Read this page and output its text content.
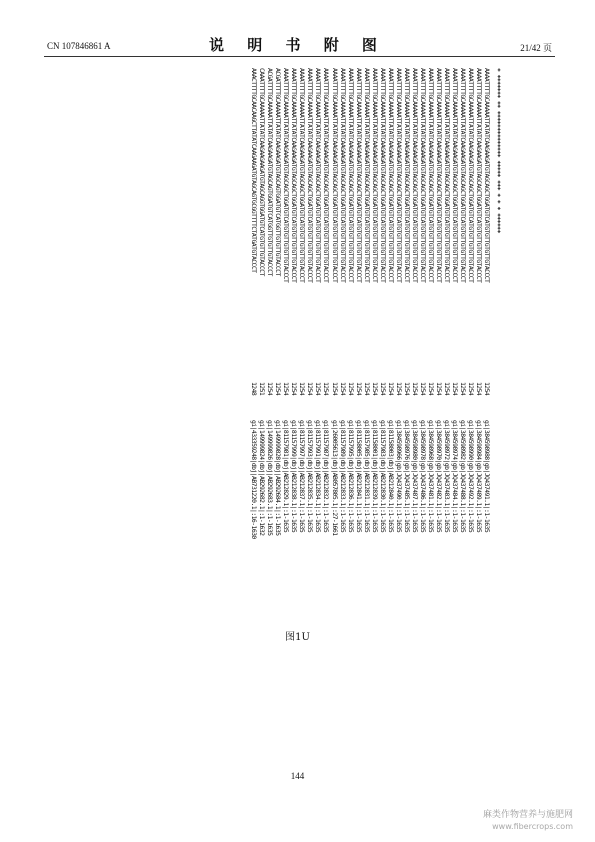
CN 107846861 A	说 明 书 附 图	21/42 页
AAACTTTTGCAACAAGCTTATATCAAGAAGATGTAGCAGTGCGGTTTTCTATGATGTACCCT
1248
gi|433359248|dbj|AB731220.1|:16-1630
CAAATTTTGCAAAAATTATATCAAGAAGAAGATGTAGCAGGTGGATGTCATGTGTTGTACCCT
1251
gi|149999824|dbj|AB292682.1|:1-1632
ACGATTTTGCAAAAATTATATCAAGAAGATGTAGCAGTGGATGTCATGGTTGTGTTGTACCCT
1254
gi|149999826|dbj|AB292683.1|:1-1635
ACGATTTTGCAAAAATTATATCAAGAAGATGTAGCAGTGGATGTCATGGTTGTGTTGTACCCT
1254
gi|149999828|dbj|AB292684.1|:1-1635
AAAATTTTGCAAAAATTATATCAAGAAGATGTAGCAGCTGGATGTCATGTGTTGTGTTGTACCCT
1254
gi|81157981|dbj|AB212829.1|:1-1635
AAAATTTTGCAAAAATTATATCAAGAAGATGTAGCAGCTGGATGTCATGTGTTGTGTTGTACCCT
1254
gi|81157999|dbj|AB212838.1|:1-1635
AAAATTTTGCAAAAATTATATCAAGAAGATGTAGCAGCTGGATGTCATGTGTTGTGTTGTACCCT
1254
gi|81157997|dbj|AB212837.1|:1-1635
AAAATTTTGCAAAAATTATATCAAGAAGATGTAGCAGCTGGATGTCATGTGTTGTGTTGTACCCT
1254
gi|81157993|dbj|AB212835.1|:1-1635
AAAATTTTGCAAAAATTATATCAAGAAGATGTAGCAGCTGGATGTCATGTGTTGTGTTGTACCCT
1254
gi|81157991|dbj|AB212834.1|:1-1635
AAAATTTTGCAAAAATTATATCAAGAAGATGTAGCAGCTGGATGTCATGTGTTGTGTTGTACCCT
1254
gi|81157987|dbj|AB212832.1|:1-1635
AAAATTTTGCAAAAATTATATCAAGAAGATGTAGCAGCTGGATGTCATGTGTTGTGTTGTACCCT
1254
gi|26005613|dbj|AB057805.1|:27-1661
AAAATTTTGCAAAAATTATATCAAGAAGATGTAGCAGCTGGATGTCATGTGTTGTGTTGTACCCT
1254
gi|81157989|dbj|AB212833.1|:1-1635
AAAATTTTGCAAAAATTATATCAAGAAGATGTAGCAGCTGGATGTCATGTGTTGTGTTGTACCCT
1254
gi|81157995|dbj|AB212836.1|:1-1635
AAAATTTTGCAAAAATTATATCAAGAAGATGTAGCAGCTGGATGTCATGTGTTGTGTTGTACCCT
1254
gi|81158005|dbj|AB212841.1|:1-1635
AAAATTTTGCAAAAATTATATCAAGAAGATGTAGCAGCTGGATGTCATGTGTTGTGTTGTACCCT
1254
gi|81157985|dbj|AB212831.1|:1-1635
AAAATTTTGCAAAAATTATATCAAGAAGATGTAGCAGCTGGATGTCATGTGTTGTGTTGTACCCT
1254
gi|81158001|dbj|AB212839.1|:1-1635
AAAATTTTGCAAAAATTATATCAAGAAGATGTAGCAGCTGGATGTCATGTGTTGTGTTGTACCCT
1254
gi|81157983|dbj|AB212830.1|:1-1635
AAAATTTTGCAAAAATTATATCAAGAAGATGTAGCAGCTGGATGTCATGTGTTGTGTTGTACCCT
1254
gi|81158003|dbj|AB212840.1|:1-1635
AAAATTTTGCAAAAATTATATCAAGAAGATGTAGCAGCTGGATGTCATGTGTTGTGTTGTACCCT
1254
gi|384598966|gb|JQ437490.1|:1-1635
AAAATTTTGCAAAAATTATATCAAGAAGATGTAGCAGCTGGATGTCATGTGTTGTGTTGTACCCT
1254
gi|384598976|gb|JQ437485.1|:1-1635
AAAATTTTGCAAAAATTATATCAAGAAGATGTAGCAGCTGGATGTCATGTGTTGTGTTGTACCCT
1254
gi|384598980|gb|JQ437487.1|:1-1635
AAAATTTTGCAAAAATTATATCAAGAAGATGTAGCAGCTGGATGTCATGTGTTGTGTTGTACCCT
1254
gi|384598978|gb|JQ437486.1|:1-1635
AAAATTTTGCAAAAATTATATCAAGAAGATGTAGCAGCTGGATGTCATGTGTTGTGTTGTACCCT
1254
gi|384598968|gb|JQ437481.1|:1-1635
AAAATTTTGCAAAAATTATATCAAGAAGATGTAGCAGCTGGATGTCATGTGTTGTGTTGTACCCT
1254
gi|384598970|gb|JQ437482.1|:1-1635
AAAATTTTGCAAAAATTATATCAAGAAGATGTAGCAGCTGGATGTCATGTGTTGTGTTGTACCCT
1254
gi|384598972|gb|JQ437483.1|:1-1635
AAAATTTTGCAAAAATTATATCAAGAAGATGTAGCAGCTGGATGTCATGTGTTGTGTTGTACCCT
1254
gi|384598974|gb|JQ437484.1|:1-1635
AAAATTTTGCAAAAATTATATCAAGAAGATGTAGCAGCTGGATGTCATGTGTTGTGTTGTACCCT
1254
gi|384598982|gb|JQ437488.1|:1-1635
AAAATTTTGCAAAAATTATATCAAGAAGATGTAGCAGCTGGATGTCATGTGTTGTGTTGTACCCT
1254
gi|384598990|gb|JQ437492.1|:1-1635
AAAATTTTGCAAAAATTATATCAAGAAGATGTAGCAGCTGGATGTCATGTGTTGTGTTGTACCCT
1254
gi|384598984|gb|JQ437489.1|:1-1635
AAAATTTTGCAAAAATTATATCAAGAAGATGTAGCAGCTGGATGTCATGTGTTGTGTTGTACCCT
1254
gi|384598988|gb|JQ437491.1|:1-1635
* ******* ** ************** ***** *** * * * ******
图1U
144
麻类作物营养与施肥网
www.fibercrops.com
